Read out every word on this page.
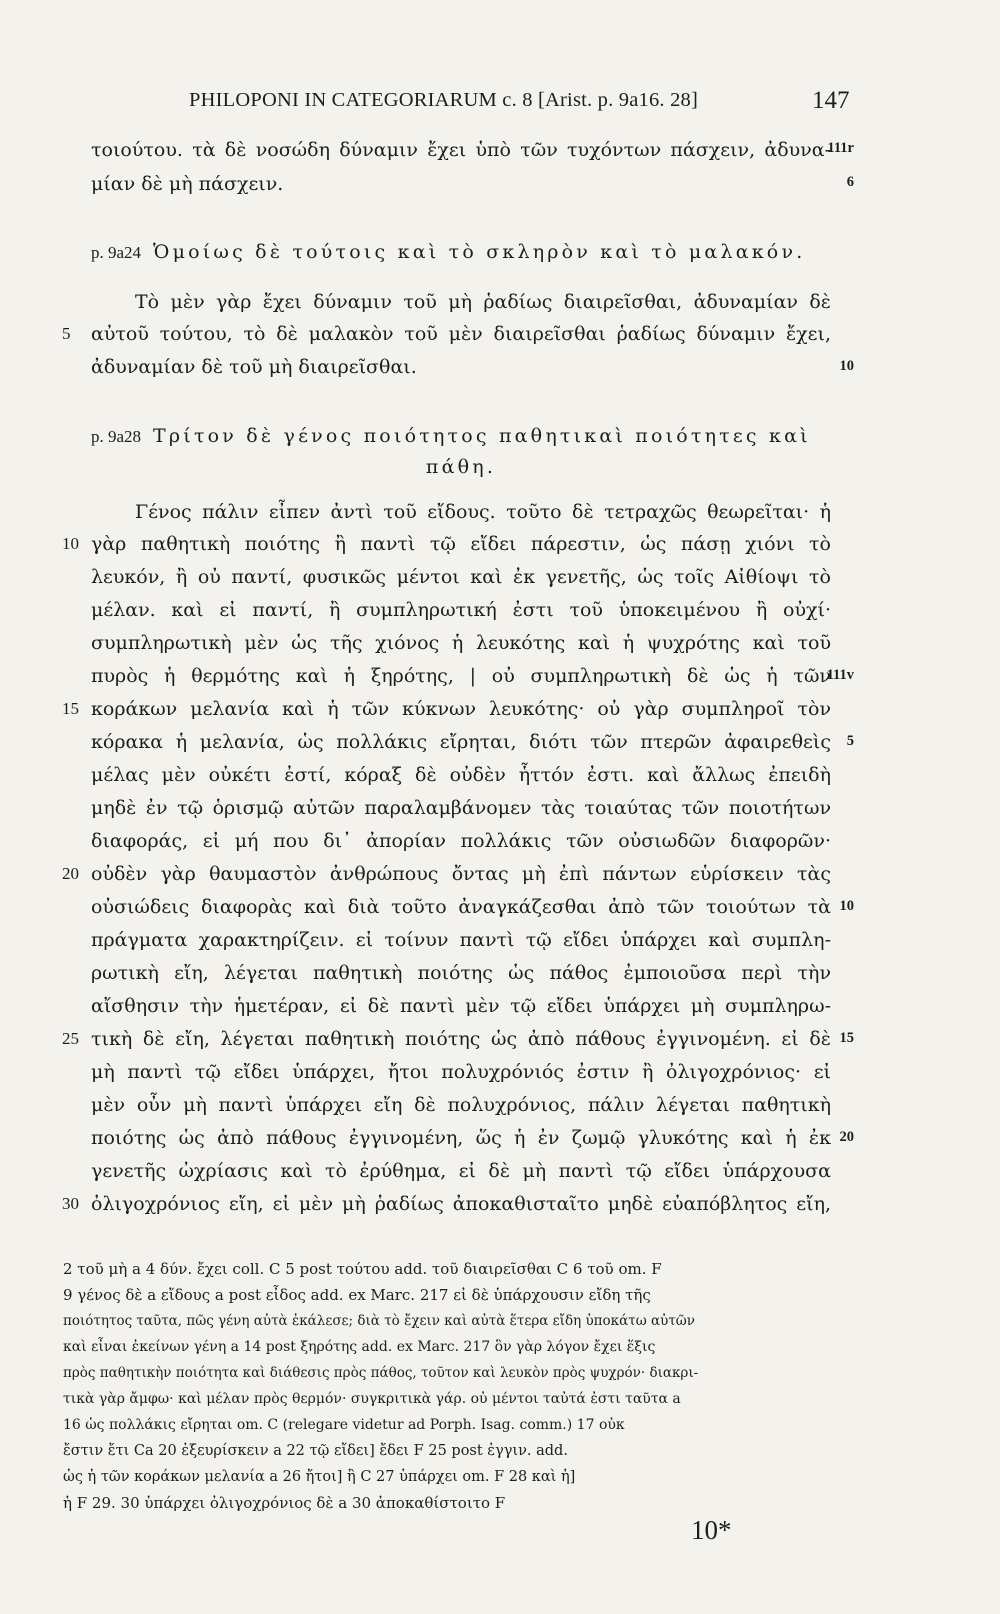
PHILOPONI IN CATEGORIARUM c. 8 [Arist. p. 9a16. 28]	147
τοιούτου. τὰ δὲ νοσώδη δύναμιν ἔχει ὑπὸ τῶν τυχόντων πάσχειν, ἀδυνα-
111r
μίαν δὲ μὴ πάσχειν.	6
p. 9a24 Ὁμοίως δὲ τούτοις καὶ τὸ σκληρὸν καὶ τὸ μαλακόν.
Τὸ μὲν γὰρ ἔχει δύναμιν τοῦ μὴ ῥαδίως διαιρεῖσθαι, ἀδυναμίαν δὲ
5	αὐτοῦ τούτου, τὸ δὲ μαλακὸν τοῦ μὲν διαιρεῖσθαι ῥαδίως δύναμιν ἔχει,
ἀδυναμίαν δὲ τοῦ μὴ διαιρεῖσθαι.	10
p. 9a28 Τρίτον δὲ γένος ποιότητος παθητικαὶ ποιότητες καὶ
πάθη.
Γένος πάλιν εἶπεν ἀντὶ τοῦ εἴδους. τοῦτο δὲ τετραχῶς θεωρεῖται· ἡ
10 γὰρ παθητικὴ ποιότης ἢ παντὶ τῷ εἴδει πάρεστιν, ὡς πάσῃ χιόνι τὸ
λευκόν, ἢ οὐ παντί, φυσικῶς μέντοι καὶ ἐκ γενετῆς, ὡς τοῖς Αἰθίοψι τὸ
μέλαν. καὶ εἰ παντί, ἢ συμπληρωτική ἐστι τοῦ ὑποκειμένου ἢ οὐχί·
συμπληρωτικὴ μὲν ὡς τῆς χιόνος ἡ λευκότης καὶ ἡ ψυχρότης καὶ τοῦ
πυρὸς ἡ θερμότης καὶ ἡ ξηρότης, | οὐ συμπληρωτικὴ δὲ ὡς ἡ τῶν
111v
15 κοράκων μελανία καὶ ἡ τῶν κύκνων λευκότης· οὐ γὰρ συμπληροῖ τὸν
κόρακα ἡ μελανία, ὡς πολλάκις εἴρηται, διότι τῶν πτερῶν ἀφαιρεθεὶς 5
μέλας μὲν οὐκέτι ἐστί, κόραξ δὲ οὐδὲν ἧττόν ἐστι. καὶ ἄλλως ἐπειδὴ
μηδὲ ἐν τῷ ὁρισμῷ αὐτῶν παραλαμβάνομεν τὰς τοιαύτας τῶν ποιοτήτων
διαφοράς, εἰ μή που δι᾽ ἀπορίαν πολλάκις τῶν οὐσιωδῶν διαφορῶν·
20 οὐδὲν γὰρ θαυμαστὸν ἀνθρώπους ὄντας μὴ ἐπὶ πάντων εὑρίσκειν τὰς
οὐσιώδεις διαφορὰς καὶ διὰ τοῦτο ἀναγκάζεσθαι ἀπὸ τῶν τοιούτων τὰ 10
πράγματα χαρακτηρίζειν. εἰ τοίνυν παντὶ τῷ εἴδει ὑπάρχει καὶ συμπλη-
ρωτικὴ εἴη, λέγεται παθητικὴ ποιότης ὡς πάθος ἐμποιοῦσα περὶ τὴν
αἴσθησιν τὴν ἡμετέραν, εἰ δὲ παντὶ μὲν τῷ εἴδει ὑπάρχει μὴ συμπληρω-
25 τικὴ δὲ εἴη, λέγεται παθητικὴ ποιότης ὡς ἀπὸ πάθους ἐγγινομένη. εἰ δὲ 15
μὴ παντὶ τῷ εἴδει ὑπάρχει, ἤτοι πολυχρόνιός ἐστιν ἢ ὀλιγοχρόνιος· εἰ
μὲν οὖν μὴ παντὶ ὑπάρχει εἴη δὲ πολυχρόνιος, πάλιν λέγεται παθητικὴ
ποιότης ὡς ἀπὸ πάθους ἐγγινομένη, ὥς ἡ ἐν ζωμῷ γλυκότης καὶ ἡ ἐκ 20
γενετῆς ὠχρίασις καὶ τὸ ἐρύθημα, εἰ δὲ μὴ παντὶ τῷ εἴδει ὑπάρχουσα
30 ὀλιγοχρόνιος εἴη, εἰ μὲν μὴ ῥαδίως ἀποκαθισταῖτο μηδὲ εὐαπόβλητος εἴη,
2 τοῦ μὴ a 4 δύν. ἔχει coll. C 5 post τούτου add. τοῦ διαιρεῖσθαι C 6 τοῦ om. F
9 γένος δὲ a εἴδους a post εἶδος add. ex Marc. 217 εἰ δὲ ὑπάρχουσιν εἴδη τῆς
ποιότητος ταῦτα, πῶς γένη αὐτὰ ἐκάλεσε; διὰ τὸ ἔχειν καὶ αὐτὰ ἕτερα εἴδη ὑποκάτω αὐτῶν
καὶ εἶναι ἐκείνων γένη a 14 post ξηρότης add. ex Marc. 217 ὃν γὰρ λόγον ἔχει ἕξις
πρὸς παθητικὴν ποιότητα καὶ διάθεσις πρὸς πάθος, τοῦτον καὶ λευκὸν πρὸς ψυχρόν· διακρι-
τικὰ γὰρ ἄμφω· καὶ μέλαν πρὸς θερμόν· συγκριτικὰ γάρ. οὐ μέντοι ταὐτά ἐστι ταῦτα a
16 ὡς πολλάκις εἴρηται om. C (relegare videtur ad Porph. Isag. comm.) 17 οὐκ
ἔστιν ἔτι Ca 20 ἐξευρίσκειν a 22 τῷ εἴδει] ἔδει F 25 post ἐγγιν. add.
ὡς ἡ τῶν κοράκων μελανία a 26 ἤτοι] ἢ C 27 ὑπάρχει om. F 28 καὶ ἡ]
ἡ F 29. 30 ὑπάρχει ὀλιγοχρόνιος δὲ a 30 ἀποκαθίστοιτο F
10*
